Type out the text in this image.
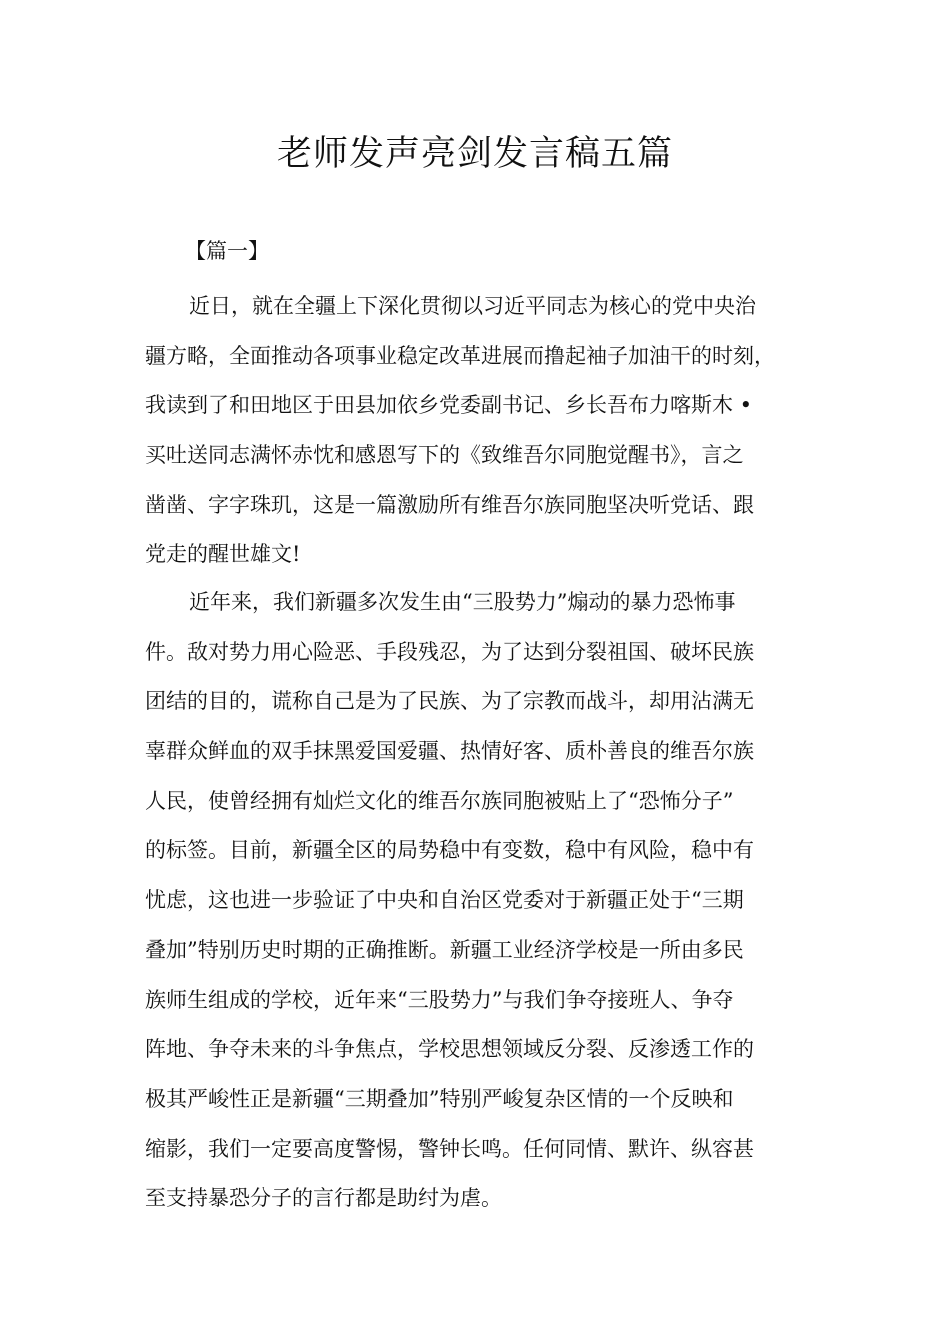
老师发声亮剑发言稿五篇
【篇一】
近日，就在全疆上下深化贯彻以习近平同志为核心的党中央治
疆方略，全面推动各项事业稳定改革进展而撸起袖子加油干的时刻，
我读到了和田地区于田县加依乡党委副书记、乡长吾布力喀斯木 •
买吐送同志满怀赤忱和感恩写下的《致维吾尔同胞觉醒书》，言之
凿凿、字字珠玑，这是一篇激励所有维吾尔族同胞坚决听党话、跟
党走的醒世雄文!
近年来，我们新疆多次发生由“三股势力”煽动的暴力恐怖事
件。敌对势力用心险恶、手段残忍，为了达到分裂祖国、破坏民族
团结的目的，谎称自己是为了民族、为了宗教而战斗，却用沾满无
辜群众鲜血的双手抹黑爱国爱疆、热情好客、质朴善良的维吾尔族
人民，使曾经拥有灿烂文化的维吾尔族同胞被贴上了“恐怖分子”
的标签。目前，新疆全区的局势稳中有变数，稳中有风险，稳中有
忧虑，这也进一步验证了中央和自治区党委对于新疆正处于“三期
叠加”特别历史时期的正确推断。新疆工业经济学校是一所由多民
族师生组成的学校，近年来“三股势力”与我们争夺接班人、争夺
阵地、争夺未来的斗争焦点，学校思想领域反分裂、反渗透工作的
极其严峻性正是新疆“三期叠加”特别严峻复杂区情的一个反映和
缩影，我们一定要高度警惕，警钟长鸣。任何同情、默许、纵容甚
至支持暴恐分子的言行都是助纣为虐。
